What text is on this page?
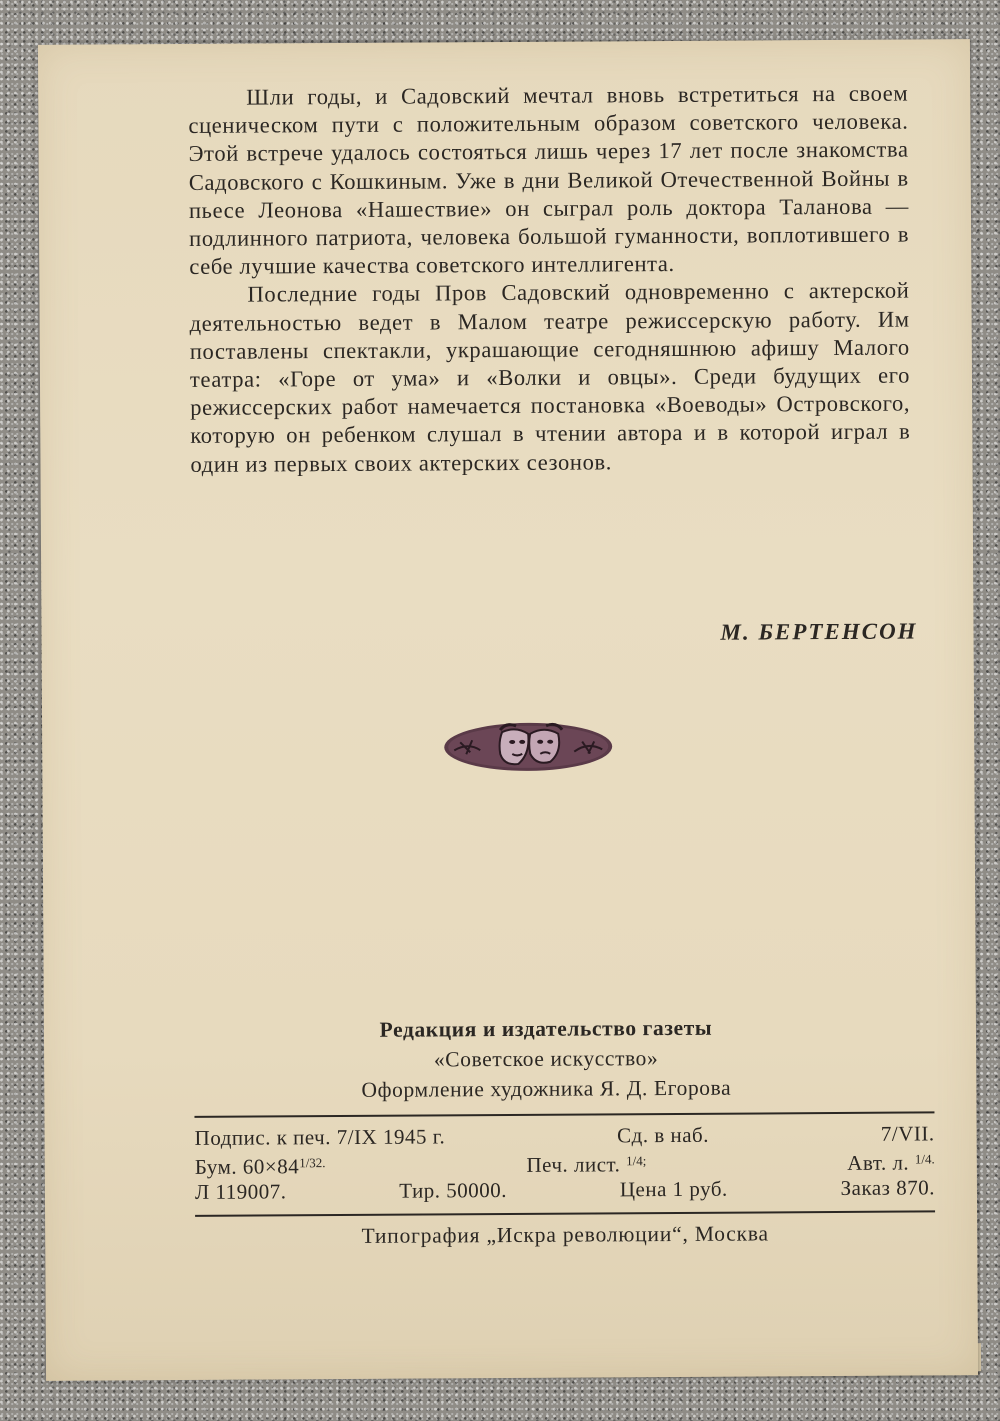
Шли годы, и Садовский мечтал вновь встретиться на своем сценическом пути с положительным образом советского человека. Этой встрече удалось состояться лишь через 17 лет после знакомства Садовского с Кошкиным. Уже в дни Великой Отечественной Войны в пьесе Леонова «Нашествие» он сыграл роль доктора Таланова — подлинного патриота, человека большой гуманности, воплотившего в себе лучшие качества советского интеллигента.

Последние годы Пров Садовский одновременно с актерской деятельностью ведет в Малом театре режиссерскую работу. Им поставлены спектакли, украшающие сегодняшнюю афишу Малого театра: «Горе от ума» и «Волки и овцы». Среди будущих его режиссерских работ намечается постановка «Воеводы» Островского, которую он ребенком слушал в чтении автора и в которой играл в один из первых своих актерских сезонов.

М. БЕРТЕНСОН
Редакция и издательство газеты
«Советское искусство»
Оформление художника Я. Д. Егорова
Подпис. к печ. 7/IX 1945 г.	Сд. в наб.	7/VII.
Бум. $60\times 84^{1/32.}$	Печ. лист. $^{1/4;}$	Авт. л. $^{1/4.}$
Л 119007.	Тир. 50000.	Цена 1 руб.	Заказ 870.
Типография „Искра революции“, Москва
